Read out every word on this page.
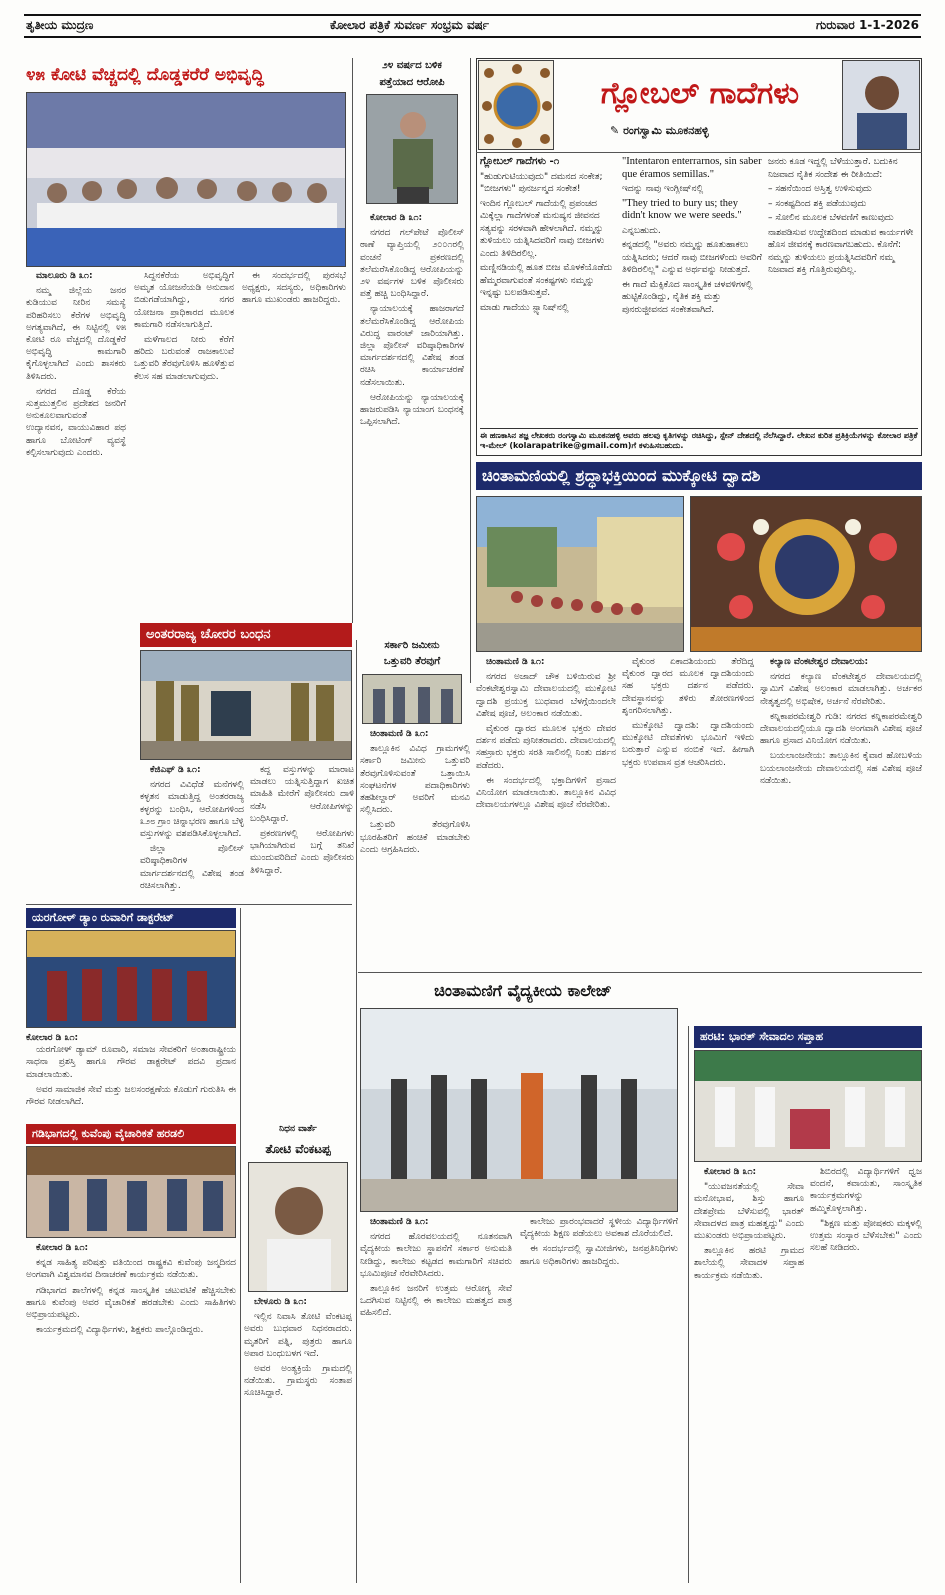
ತೃತೀಯ ಮುದ್ರಣ	ಕೋಲಾರ ಪತ್ರಿಕೆ ಸುವರ್ಣ ಸಂಭ್ರಮ ವರ್ಷ	ಗುರುವಾರ 1-1-2026
೪೫ ಕೋಟಿ ವೆಚ್ಚದಲ್ಲಿ ದೊಡ್ಡಕರೆರೆ ಅಭಿವೃದ್ಧಿ

ಮಾಲೂರು ಡಿ ೩೧:

ನಮ್ಮ ಜಿಲ್ಲೆಯ ಜನರ ಕುಡಿಯುವ ನೀರಿನ ಸಮಸ್ಯೆ ಪರಿಹರಿಸಲು ಕೆರೆಗಳ ಅಭಿವೃದ್ಧಿ ಅಗತ್ಯವಾಗಿದೆ, ಈ ನಿಟ್ಟಿನಲ್ಲಿ ೪೫ ಕೋಟಿ ರೂ ವೆಚ್ಚದಲ್ಲಿ ದೊಡ್ಡಕೆರೆ ಅಭಿವೃದ್ಧಿ ಕಾಮಗಾರಿ ಕೈಗೊಳ್ಳಲಾಗಿದೆ ಎಂದು ಶಾಸಕರು ತಿಳಿಸಿದರು.

ನಗರದ ದೊಡ್ಡ ಕೆರೆಯ ಸುತ್ತಮುತ್ತಲಿನ ಪ್ರದೇಶದ ಜನರಿಗೆ ಅನುಕೂಲವಾಗುವಂತೆ ಉದ್ಯಾನವನ, ವಾಯುವಿಹಾರ ಪಥ ಹಾಗೂ ಬೋಟಿಂಗ್ ವ್ಯವಸ್ಥೆ ಕಲ್ಪಿಸಲಾಗುವುದು ಎಂದರು.

ಸಿದ್ದನಕೆರೆಯ ಅಭಿವೃದ್ಧಿಗೆ ಅಮೃತ ಯೋಜನೆಯಡಿ ಅನುದಾನ ಬಿಡುಗಡೆಯಾಗಿದ್ದು, ನಗರ ಯೋಜನಾ ಪ್ರಾಧಿಕಾರದ ಮೂಲಕ ಕಾಮಗಾರಿ ನಡೆಸಲಾಗುತ್ತಿದೆ.

ಮಳೆಗಾಲದ ನೀರು ಕೆರೆಗೆ ಹರಿದು ಬರುವಂತೆ ರಾಜಕಾಲುವೆ ಒತ್ತುವರಿ ತೆರವುಗೊಳಿಸಿ ಹೂಳೆತ್ತುವ ಕೆಲಸ ಸಹ ಮಾಡಲಾಗುವುದು.

ಈ ಸಂದರ್ಭದಲ್ಲಿ ಪುರಸಭೆ ಅಧ್ಯಕ್ಷರು, ಸದಸ್ಯರು, ಅಧಿಕಾರಿಗಳು ಹಾಗೂ ಮುಖಂಡರು ಹಾಜರಿದ್ದರು.

೨೪ ವರ್ಷದ ಬಳಿಕ
ಪತ್ತೆಯಾದ ಆರೋಪಿ

ಕೋಲಾರ ಡಿ ೩೧:

ನಗರದ ಗಲ್‌ಪೇಟೆ ಪೊಲೀಸ್ ಠಾಣೆ ವ್ಯಾಪ್ತಿಯಲ್ಲಿ ೨೦೦೧ರಲ್ಲಿ ವಂಚನೆ ಪ್ರಕರಣದಲ್ಲಿ ತಲೆಮರೆಸಿಕೊಂಡಿದ್ದ ಆರೋಪಿಯನ್ನು ೨೪ ವರ್ಷಗಳ ಬಳಿಕ ಪೊಲೀಸರು ಪತ್ತೆ ಹಚ್ಚಿ ಬಂಧಿಸಿದ್ದಾರೆ.

ನ್ಯಾಯಾಲಯಕ್ಕೆ ಹಾಜರಾಗದೆ ತಲೆಮರೆಸಿಕೊಂಡಿದ್ದ ಆರೋಪಿಯ ವಿರುದ್ಧ ವಾರಂಟ್ ಜಾರಿಯಾಗಿತ್ತು. ಜಿಲ್ಲಾ ಪೊಲೀಸ್ ವರಿಷ್ಠಾಧಿಕಾರಿಗಳ ಮಾರ್ಗದರ್ಶನದಲ್ಲಿ ವಿಶೇಷ ತಂಡ ರಚಿಸಿ ಕಾರ್ಯಾಚರಣೆ ನಡೆಸಲಾಯಿತು.

ಆರೋಪಿಯನ್ನು ನ್ಯಾಯಾಲಯಕ್ಕೆ ಹಾಜರುಪಡಿಸಿ ನ್ಯಾಯಾಂಗ ಬಂಧನಕ್ಕೆ ಒಪ್ಪಿಸಲಾಗಿದೆ.

ಗ್ಲೋಬಲ್ ಗಾದೆಗಳು
✎ ರಂಗಸ್ವಾಮಿ ಮೂಕನಹಳ್ಳಿ

ಗ್ಲೋಬಲ್ ಗಾದೆಗಳು -೧

"ಹುಡುಗುಟಿಯುವುದು" ದಮನದ ಸಂಕೇತ; "ಬೀಜಗಳು" ಪುನರ್ಜನ್ಮದ ಸಂಕೇತ!

ಇಂದಿನ ಗ್ಲೋಬಲ್ ಗಾದೆಯಲ್ಲಿ ಪ್ರಪಂಚದ ಮಿಕ್ಕೆಲ್ಲಾ ಗಾದೆಗಳಂತೆ ಮನುಷ್ಯನ ಜೀವನದ ಸತ್ಯವನ್ನು ಸರಳವಾಗಿ ಹೇಳಲಾಗಿದೆ. ನಮ್ಮನ್ನು ತುಳಿಯಲು ಯತ್ನಿಸಿದವರಿಗೆ ನಾವು ಬೀಜಗಳು ಎಂದು ತಿಳಿದಿರಲಿಲ್ಲ.

ಮಣ್ಣಿನಡಿಯಲ್ಲಿ ಹೂತ ಬೀಜ ಮೊಳಕೆಯೊಡೆದು ಹೆಮ್ಮರವಾಗುವಂತೆ ಸಂಕಷ್ಟಗಳು ನಮ್ಮನ್ನು ಇನ್ನಷ್ಟು ಬಲಪಡಿಸುತ್ತವೆ.

ಮಾಡು ಗಾದೆಯು ಸ್ಪ್ಯಾನಿಷ್‌ನಲ್ಲಿ

"Intentaron enterrarnos, sin saber que éramos semillas."

ಇದನ್ನು ನಾವು ಇಂಗ್ಲೀಷ್‌ನಲ್ಲಿ

"They tried to bury us; they didn't know we were seeds."

ಎನ್ನಬಹುದು.

ಕನ್ನಡದಲ್ಲಿ "ಅವರು ನಮ್ಮನ್ನು ಹೂತುಹಾಕಲು ಯತ್ನಿಸಿದರು; ಆದರೆ ನಾವು ಬೀಜಗಳೆಂದು ಅವರಿಗೆ ತಿಳಿದಿರಲಿಲ್ಲ" ಎನ್ನುವ ಅರ್ಥವನ್ನು ನೀಡುತ್ತದೆ.

ಈ ಗಾದೆ ಮೆಕ್ಸಿಕೊದ ಸಾಂಸ್ಕೃತಿಕ ಚಳವಳಿಗಳಲ್ಲಿ ಹುಟ್ಟಿಕೊಂಡಿದ್ದು, ನೈತಿಕ ಶಕ್ತಿ ಮತ್ತು ಪುನರುಜ್ಜೀವನದ ಸಂಕೇತವಾಗಿದೆ.

ಜನರು ಕೂಡ ಇದ್ದಲ್ಲಿ ಬೆಳೆಯುತ್ತಾರೆ. ಬದುಕಿನ ನಿಜವಾದ ನೈತಿಕ ಸಂದೇಶ ಈ ರೀತಿಯಿದೆ:

– ಸಹನೆಯಿಂದ ಅಸ್ತಿತ್ವ ಉಳಿಸುವುದು

– ಸಂಕಷ್ಟದಿಂದ ಶಕ್ತಿ ಪಡೆಯುವುದು

– ಸೋಲಿನ ಮೂಲಕ ಬೆಳವಣಿಗೆ ಕಾಣುವುದು

ನಾಶಪಡಿಸುವ ಉದ್ದೇಶದಿಂದ ಮಾಡುವ ಕಾರ್ಯಗಳೇ ಹೊಸ ಜೀವನಕ್ಕೆ ಕಾರಣವಾಗಬಹುದು. ಕೊನೆಗೆ: ನಮ್ಮನ್ನು ತುಳಿಯಲು ಪ್ರಯತ್ನಿಸಿದವರಿಗೆ ನಮ್ಮ ನಿಜವಾದ ಶಕ್ತಿ ಗೊತ್ತಿರುವುದಿಲ್ಲ.

ಈ ಹಣಕಾಸಿನ ತಜ್ಞ ಲೇಖಕರು ರಂಗಸ್ವಾಮಿ ಮೂಕನಹಳ್ಳಿ ಅವರು ಹಲವು ಕೃತಿಗಳನ್ನು ರಚಿಸಿದ್ದು, ಸ್ಪೇನ್ ದೇಶದಲ್ಲಿ ನೆಲೆಸಿದ್ದಾರೆ. ಲೇಖನ ಕುರಿತ ಪ್ರತಿಕ್ರಿಯೆಗಳನ್ನು ಕೋಲಾರ ಪತ್ರಿಕೆ ಇ-ಮೇಲ್ (kolarapatrike@gmail.com)ಗೆ ಕಳುಹಿಸಬಹುದು.
ಚಿಂತಾಮಣಿಯಲ್ಲಿ ಶ್ರದ್ಧಾಭಕ್ತಿಯಿಂದ ಮುಕ್ಕೋಟಿ ದ್ವಾದಶಿ

ಚಿಂತಾಮಣಿ ಡಿ ೩೧:

ನಗರದ ಅಜಾದ್ ಚೌಕ ಬಳಿಯಿರುವ ಶ್ರೀ ವೆಂಕಟೇಶ್ವರಸ್ವಾಮಿ ದೇವಾಲಯದಲ್ಲಿ ಮುಕ್ಕೋಟಿ ದ್ವಾದಶಿ ಪ್ರಯುಕ್ತ ಬುಧವಾರ ಬೆಳಗ್ಗೆಯಿಂದಲೇ ವಿಶೇಷ ಪೂಜೆ, ಅಲಂಕಾರ ನಡೆಯಿತು.

ವೈಕುಂಠ ದ್ವಾರದ ಮೂಲಕ ಭಕ್ತರು ದೇವರ ದರ್ಶನ ಪಡೆದು ಪುನೀತರಾದರು. ದೇವಾಲಯದಲ್ಲಿ ಸಹಸ್ರಾರು ಭಕ್ತರು ಸರತಿ ಸಾಲಿನಲ್ಲಿ ನಿಂತು ದರ್ಶನ ಪಡೆದರು.

ಈ ಸಂದರ್ಭದಲ್ಲಿ ಭಕ್ತಾದಿಗಳಿಗೆ ಪ್ರಸಾದ ವಿನಿಯೋಗ ಮಾಡಲಾಯಿತು. ತಾಲ್ಲೂಕಿನ ವಿವಿಧ ದೇವಾಲಯಗಳಲ್ಲೂ ವಿಶೇಷ ಪೂಜೆ ನೆರವೇರಿತು.

ವೈಕುಂಠ ಏಕಾದಶಿಯಂದು ತೆರೆದಿದ್ದ ವೈಕುಂಠ ದ್ವಾರದ ಮೂಲಕ ದ್ವಾದಶಿಯಂದು ಸಹ ಭಕ್ತರು ದರ್ಶನ ಪಡೆದರು. ದೇವಸ್ಥಾನವನ್ನು ತಳಿರು ತೋರಣಗಳಿಂದ ಶೃಂಗರಿಸಲಾಗಿತ್ತು.

ಮುಕ್ಕೋಟಿ ದ್ವಾದಶಿ: ದ್ವಾದಶಿಯಂದು ಮುಕ್ಕೋಟಿ ದೇವತೆಗಳು ಭೂಮಿಗೆ ಇಳಿದು ಬರುತ್ತಾರೆ ಎನ್ನುವ ನಂಬಿಕೆ ಇದೆ. ಹೀಗಾಗಿ ಭಕ್ತರು ಉಪವಾಸ ವ್ರತ ಆಚರಿಸಿದರು.

ಕಲ್ಯಾಣ ವೆಂಕಟೇಶ್ವರ ದೇವಾಲಯ:

ನಗರದ ಕಲ್ಯಾಣ ವೆಂಕಟೇಶ್ವರ ದೇವಾಲಯದಲ್ಲಿ ಸ್ವಾಮಿಗೆ ವಿಶೇಷ ಅಲಂಕಾರ ಮಾಡಲಾಗಿತ್ತು. ಅರ್ಚಕರ ನೇತೃತ್ವದಲ್ಲಿ ಅಭಿಷೇಕ, ಅರ್ಚನೆ ನೆರವೇರಿತು.

ಕನ್ನಿಕಾಪರಮೇಶ್ವರಿ ಗುಡಿ: ನಗರದ ಕನ್ನಿಕಾಪರಮೇಶ್ವರಿ ದೇವಾಲಯದಲ್ಲಿಯೂ ದ್ವಾದಶಿ ಅಂಗವಾಗಿ ವಿಶೇಷ ಪೂಜೆ ಹಾಗೂ ಪ್ರಸಾದ ವಿನಿಯೋಗ ನಡೆಯಿತು.

ಬಯಲಾಂಜನೇಯ: ತಾಲ್ಲೂಕಿನ ಕೈವಾರ ಹೋಬಳಿಯ ಬಯಲಾಂಜನೇಯ ದೇವಾಲಯದಲ್ಲಿ ಸಹ ವಿಶೇಷ ಪೂಜೆ ನಡೆಯಿತು.

ಅಂತರರಾಜ್ಯ ಚೋರರ ಬಂಧನ

ಕೆಜಿಎಫ್ ಡಿ ೩೧:

ನಗರದ ವಿವಿಧೆಡೆ ಮನೆಗಳಲ್ಲಿ ಕಳ್ಳತನ ಮಾಡುತ್ತಿದ್ದ ಅಂತರರಾಜ್ಯ ಕಳ್ಳರನ್ನು ಬಂಧಿಸಿ, ಆರೋಪಿಗಳಿಂದ ೩೨೮ ಗ್ರಾಂ ಚಿನ್ನಾಭರಣ ಹಾಗೂ ಬೆಳ್ಳಿ ವಸ್ತುಗಳನ್ನು ವಶಪಡಿಸಿಕೊಳ್ಳಲಾಗಿದೆ.

ಜಿಲ್ಲಾ ಪೊಲೀಸ್ ವರಿಷ್ಠಾಧಿಕಾರಿಗಳ ಮಾರ್ಗದರ್ಶನದಲ್ಲಿ ವಿಶೇಷ ತಂಡ ರಚಿಸಲಾಗಿತ್ತು.

ಕದ್ದ ವಸ್ತುಗಳನ್ನು ಮಾರಾಟ ಮಾಡಲು ಯತ್ನಿಸುತ್ತಿದ್ದಾಗ ಖಚಿತ ಮಾಹಿತಿ ಮೇರೆಗೆ ಪೊಲೀಸರು ದಾಳಿ ನಡೆಸಿ ಆರೋಪಿಗಳನ್ನು ಬಂಧಿಸಿದ್ದಾರೆ.

ಪ್ರಕರಣಗಳಲ್ಲಿ ಆರೋಪಿಗಳು ಭಾಗಿಯಾಗಿರುವ ಬಗ್ಗೆ ತನಿಖೆ ಮುಂದುವರಿದಿದೆ ಎಂದು ಪೊಲೀಸರು ತಿಳಿಸಿದ್ದಾರೆ.

ಸರ್ಕಾರಿ ಜಮೀನು
ಒತ್ತುವರಿ ತೆರವುಗೆ

ಚಿಂತಾಮಣಿ ಡಿ ೩೧:

ತಾಲ್ಲೂಕಿನ ವಿವಿಧ ಗ್ರಾಮಗಳಲ್ಲಿ ಸರ್ಕಾರಿ ಜಮೀನು ಒತ್ತುವರಿ ತೆರವುಗೊಳಿಸುವಂತೆ ಒತ್ತಾಯಿಸಿ ಸಂಘಟನೆಗಳ ಪದಾಧಿಕಾರಿಗಳು ತಹಶೀಲ್ದಾರ್ ಅವರಿಗೆ ಮನವಿ ಸಲ್ಲಿಸಿದರು.

ಒತ್ತುವರಿ ತೆರವುಗೊಳಿಸಿ ಭೂರಹಿತರಿಗೆ ಹಂಚಿಕೆ ಮಾಡಬೇಕು ಎಂದು ಆಗ್ರಹಿಸಿದರು.

ಯರಗೋಳ್ ಡ್ಯಾಂ ರುವಾರಿಗೆ ಡಾಕ್ಟರೇಟ್

ಕೋಲಾರ ಡಿ ೩೧:

ಯರಗೋಳ್ ಡ್ಯಾಮ್ ರೂವಾರಿ, ಸಮಾಜ ಸೇವಕರಿಗೆ ಅಂತಾರಾಷ್ಟ್ರೀಯ ಸಾಧನಾ ಪ್ರಶಸ್ತಿ ಹಾಗೂ ಗೌರವ ಡಾಕ್ಟರೇಟ್ ಪದವಿ ಪ್ರದಾನ ಮಾಡಲಾಯಿತು.

ಅವರ ಸಾಮಾಜಿಕ ಸೇವೆ ಮತ್ತು ಜಲಸಂರಕ್ಷಣೆಯ ಕೊಡುಗೆ ಗುರುತಿಸಿ ಈ ಗೌರವ ನೀಡಲಾಗಿದೆ.

ಗಡಿಭಾಗದಲ್ಲಿ ಕುವೆಂಪು ವೈಚಾರಿಕತೆ ಹರಡಲಿ

ಕೋಲಾರ ಡಿ ೩೧:

ಕನ್ನಡ ಸಾಹಿತ್ಯ ಪರಿಷತ್ತು ವತಿಯಿಂದ ರಾಷ್ಟ್ರಕವಿ ಕುವೆಂಪು ಜನ್ಮದಿನದ ಅಂಗವಾಗಿ ವಿಶ್ವಮಾನವ ದಿನಾಚರಣೆ ಕಾರ್ಯಕ್ರಮ ನಡೆಯಿತು.

ಗಡಿಭಾಗದ ಶಾಲೆಗಳಲ್ಲಿ ಕನ್ನಡ ಸಾಂಸ್ಕೃತಿಕ ಚಟುವಟಿಕೆ ಹೆಚ್ಚಿಸಬೇಕು ಹಾಗೂ ಕುವೆಂಪು ಅವರ ವೈಚಾರಿಕತೆ ಹರಡಬೇಕು ಎಂದು ಸಾಹಿತಿಗಳು ಅಭಿಪ್ರಾಯಪಟ್ಟರು.

ಕಾರ್ಯಕ್ರಮದಲ್ಲಿ ವಿದ್ಯಾರ್ಥಿಗಳು, ಶಿಕ್ಷಕರು ಪಾಲ್ಗೊಂಡಿದ್ದರು.

ನಿಧನ ವಾರ್ತೆ
ತೋಟಿ ವೆಂಕಟಪ್ಪ

ಬೇಳೂರು ಡಿ ೩೧:

ಇಲ್ಲಿನ ನಿವಾಸಿ ತೋಟಿ ವೆಂಕಟಪ್ಪ ಅವರು ಬುಧವಾರ ನಿಧನರಾದರು. ಮೃತರಿಗೆ ಪತ್ನಿ, ಪುತ್ರರು ಹಾಗೂ ಅಪಾರ ಬಂಧುಬಳಗ ಇದೆ.

ಅವರ ಅಂತ್ಯಕ್ರಿಯೆ ಗ್ರಾಮದಲ್ಲಿ ನಡೆಯಿತು. ಗ್ರಾಮಸ್ಥರು ಸಂತಾಪ ಸೂಚಿಸಿದ್ದಾರೆ.

ಚಿಂತಾಮಣಿಗೆ ವೈದ್ಯಕೀಯ ಕಾಲೇಜ್

ಚಿಂತಾಮಣಿ ಡಿ ೩೧:

ನಗರದ ಹೊರವಲಯದಲ್ಲಿ ನೂತನವಾಗಿ ವೈದ್ಯಕೀಯ ಕಾಲೇಜು ಸ್ಥಾಪನೆಗೆ ಸರ್ಕಾರ ಅನುಮತಿ ನೀಡಿದ್ದು, ಕಾಲೇಜು ಕಟ್ಟಡದ ಕಾಮಗಾರಿಗೆ ಸಚಿವರು ಭೂಮಿಪೂಜೆ ನೆರವೇರಿಸಿದರು.

ತಾಲ್ಲೂಕಿನ ಜನರಿಗೆ ಉತ್ತಮ ಆರೋಗ್ಯ ಸೇವೆ ಒದಗಿಸುವ ನಿಟ್ಟಿನಲ್ಲಿ ಈ ಕಾಲೇಜು ಮಹತ್ವದ ಪಾತ್ರ ವಹಿಸಲಿದೆ.

ಕಾಲೇಜು ಪ್ರಾರಂಭವಾದರೆ ಸ್ಥಳೀಯ ವಿದ್ಯಾರ್ಥಿಗಳಿಗೆ ವೈದ್ಯಕೀಯ ಶಿಕ್ಷಣ ಪಡೆಯಲು ಅವಕಾಶ ದೊರೆಯಲಿದೆ.

ಈ ಸಂದರ್ಭದಲ್ಲಿ ಸ್ವಾಮೀಜಿಗಳು, ಜನಪ್ರತಿನಿಧಿಗಳು ಹಾಗೂ ಅಧಿಕಾರಿಗಳು ಹಾಜರಿದ್ದರು.

ಹರಟಿ: ಭಾರತ್ ಸೇವಾದಲ ಸಪ್ತಾಹ

ಕೋಲಾರ ಡಿ ೩೧:

"ಯುವಜನತೆಯಲ್ಲಿ ಸೇವಾ ಮನೋಭಾವ, ಶಿಸ್ತು ಹಾಗೂ ದೇಶಪ್ರೇಮ ಬೆಳೆಸುವಲ್ಲಿ ಭಾರತ್ ಸೇವಾದಳದ ಪಾತ್ರ ಮಹತ್ವದ್ದು" ಎಂದು ಮುಖಂಡರು ಅಭಿಪ್ರಾಯಪಟ್ಟರು.

ತಾಲ್ಲೂಕಿನ ಹರಟಿ ಗ್ರಾಮದ ಶಾಲೆಯಲ್ಲಿ ಸೇವಾದಳ ಸಪ್ತಾಹ ಕಾರ್ಯಕ್ರಮ ನಡೆಯಿತು.

ಶಿಬಿರದಲ್ಲಿ ವಿದ್ಯಾರ್ಥಿಗಳಿಗೆ ಧ್ವಜ ವಂದನೆ, ಕವಾಯತು, ಸಾಂಸ್ಕೃತಿಕ ಕಾರ್ಯಕ್ರಮಗಳನ್ನು ಹಮ್ಮಿಕೊಳ್ಳಲಾಗಿತ್ತು.

"ಶಿಕ್ಷಣ ಮತ್ತು ಪೋಷಕರು ಮಕ್ಕಳಲ್ಲಿ ಉತ್ತಮ ಸಂಸ್ಕಾರ ಬೆಳೆಸಬೇಕು" ಎಂದು ಸಲಹೆ ನೀಡಿದರು.
